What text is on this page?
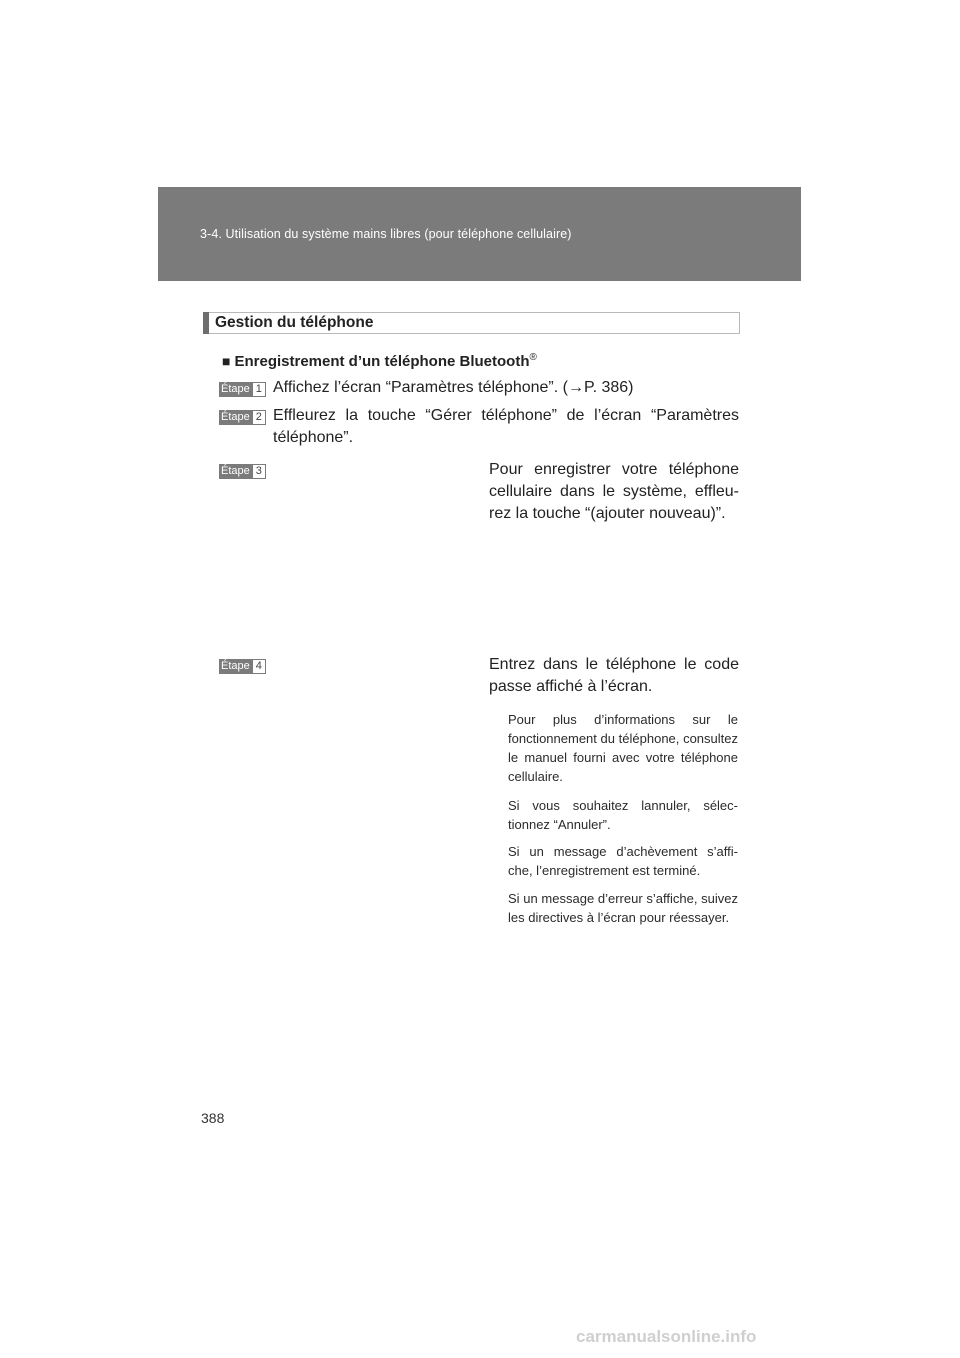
3-4. Utilisation du système mains libres (pour téléphone cellulaire)
Gestion du téléphone
■ Enregistrement d’un téléphone Bluetooth®
Étape 1 Affichez l’écran “Paramètres téléphone”. (→P. 386)
Étape 2 Effleurez la touche “Gérer téléphone” de l’écran “Paramètres téléphone”.
Étape 3	Pour enregistrer votre téléphone cellulaire dans le système, effleu- rez la touche “(ajouter nouveau)”.
Étape 4	Entrez dans le téléphone le code passe affiché à l’écran.
Pour plus d’informations sur le fonctionnement du téléphone, consultez le manuel fourni avec votre téléphone cellulaire.
Si vous souhaitez lannuler, sélec- tionnez “Annuler”.
Si un message d’achèvement s’affi- che, l’enregistrement est terminé.
Si un message d’erreur s’affiche, suivez les directives à l’écran pour réessayer.
388
carmanualsonline.info
